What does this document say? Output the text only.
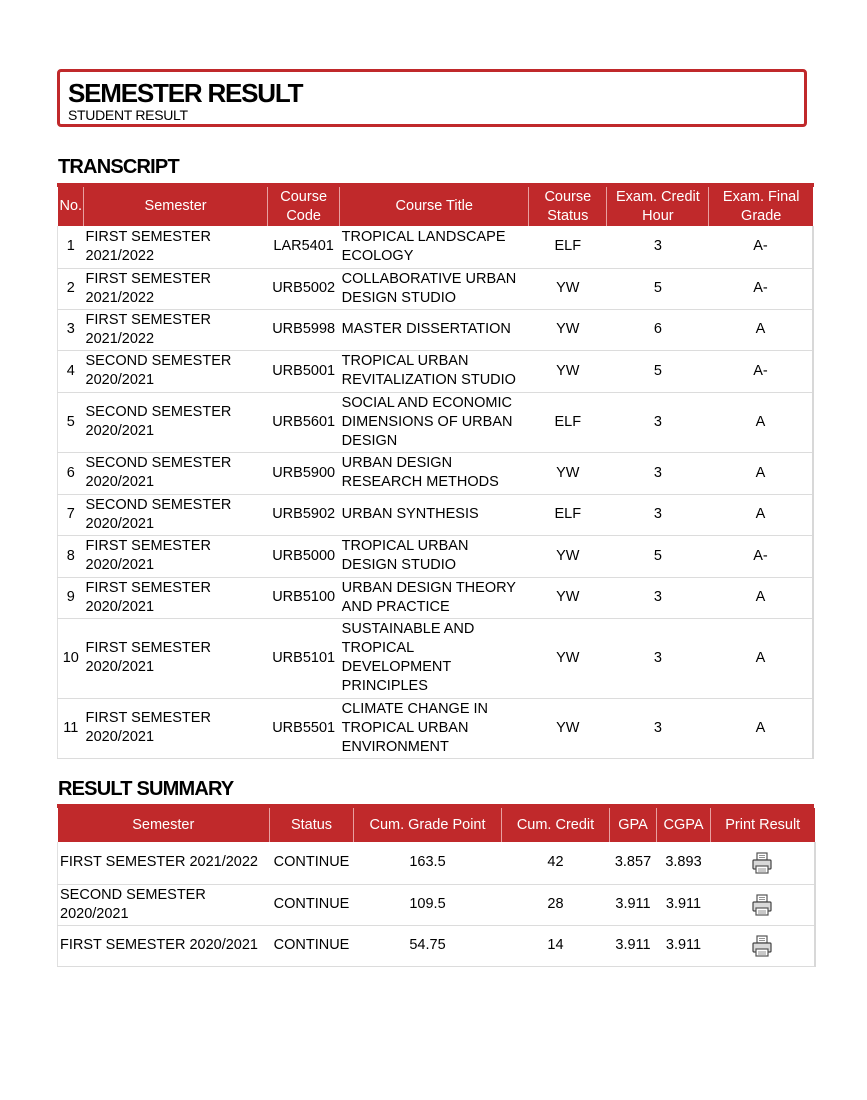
SEMESTER RESULT
STUDENT RESULT
TRANSCRIPT
No.	Semester	Course Code	Course Title	Course Status	Exam. Credit Hour	Exam. Final Grade
1	FIRST SEMESTER 2021/2022	LAR5401	TROPICAL LANDSCAPE ECOLOGY	ELF	3	A-
2	FIRST SEMESTER 2021/2022	URB5002	COLLABORATIVE URBAN DESIGN STUDIO	YW	5	A-
3	FIRST SEMESTER 2021/2022	URB5998	MASTER DISSERTATION	YW	6	A
4	SECOND SEMESTER 2020/2021	URB5001	TROPICAL URBAN REVITALIZATION STUDIO	YW	5	A-
5	SECOND SEMESTER 2020/2021	URB5601	SOCIAL AND ECONOMIC DIMENSIONS OF URBAN DESIGN	ELF	3	A
6	SECOND SEMESTER 2020/2021	URB5900	URBAN DESIGN RESEARCH METHODS	YW	3	A
7	SECOND SEMESTER 2020/2021	URB5902	URBAN SYNTHESIS	ELF	3	A
8	FIRST SEMESTER 2020/2021	URB5000	TROPICAL URBAN DESIGN STUDIO	YW	5	A-
9	FIRST SEMESTER 2020/2021	URB5100	URBAN DESIGN THEORY AND PRACTICE	YW	3	A
10	FIRST SEMESTER 2020/2021	URB5101	SUSTAINABLE AND TROPICAL DEVELOPMENT PRINCIPLES	YW	3	A
11	FIRST SEMESTER 2020/2021	URB5501	CLIMATE CHANGE IN TROPICAL URBAN ENVIRONMENT	YW	3	A
RESULT SUMMARY
Semester	Status	Cum. Grade Point	Cum. Credit	GPA	CGPA	Print Result
FIRST SEMESTER 2021/2022	CONTINUE	163.5	42	3.857	3.893	
SECOND SEMESTER 2020/2021	CONTINUE	109.5	28	3.911	3.911	
FIRST SEMESTER 2020/2021	CONTINUE	54.75	14	3.911	3.911	
